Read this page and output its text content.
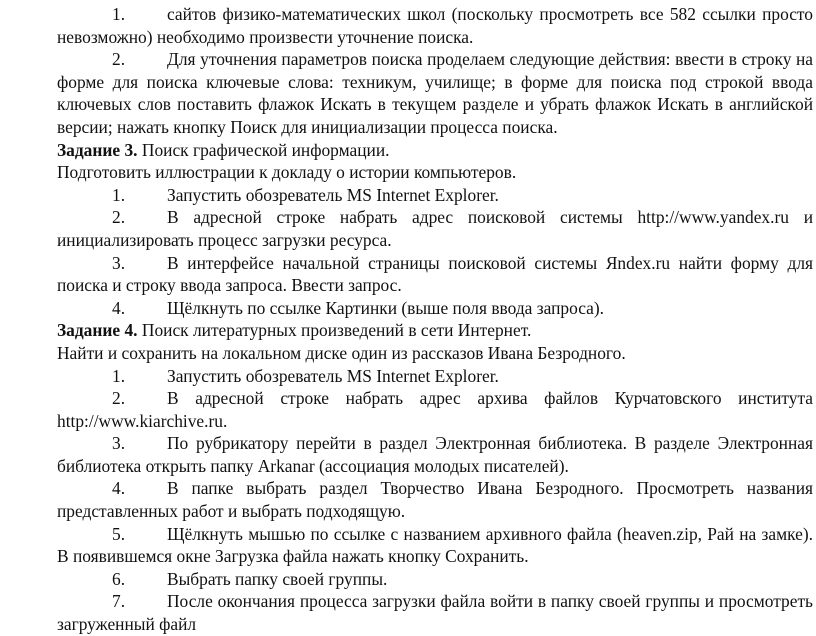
1. сайтов физико-математических школ (поскольку просмотреть все 582 ссылки просто невозможно) необходимо произвести уточнение поиска.

2. Для уточнения параметров поиска проделаем следующие действия: ввести в строку на форме для поиска ключевые слова: техникум, училище; в форме для поиска под строкой ввода ключевых слов поставить флажок Искать в текущем разделе и убрать флажок Искать в английской версии; нажать кнопку Поиск для инициализации процесса поиска.

Задание 3. Поиск графической информации.

Подготовить иллюстрации к докладу о истории компьютеров.

1. Запустить обозреватель MS Internet Explorer.

2. В адресной строке набрать адрес поисковой системы http://www.yandex.ru и инициализировать процесс загрузки ресурса.

3. В интерфейсе начальной страницы поисковой системы Яndex.ru найти форму для поиска и строку ввода запроса. Ввести запрос.

4. Щёлкнуть по ссылке Картинки (выше поля ввода запроса).

Задание 4. Поиск литературных произведений в сети Интернет.

Найти и сохранить на локальном диске один из рассказов Ивана Безродного.

1. Запустить обозреватель MS Internet Explorer.

2. В адресной строке набрать адрес архива файлов Курчатовского института http://www.kiarchive.ru.

3. По рубрикатору перейти в раздел Электронная библиотека. В разделе Электронная библиотека открыть папку Arkanar (ассоциация молодых писателей).

4. В папке выбрать раздел Творчество Ивана Безродного. Просмотреть названия представленных работ и выбрать подходящую.

5. Щёлкнуть мышью по ссылке с названием архивного файла (heaven.zip, Рай на замке). В появившемся окне Загрузка файла нажать кнопку Сохранить.

6. Выбрать папку своей группы.

7. После окончания процесса загрузки файла войти в папку своей группы и просмотреть загруженный файл
